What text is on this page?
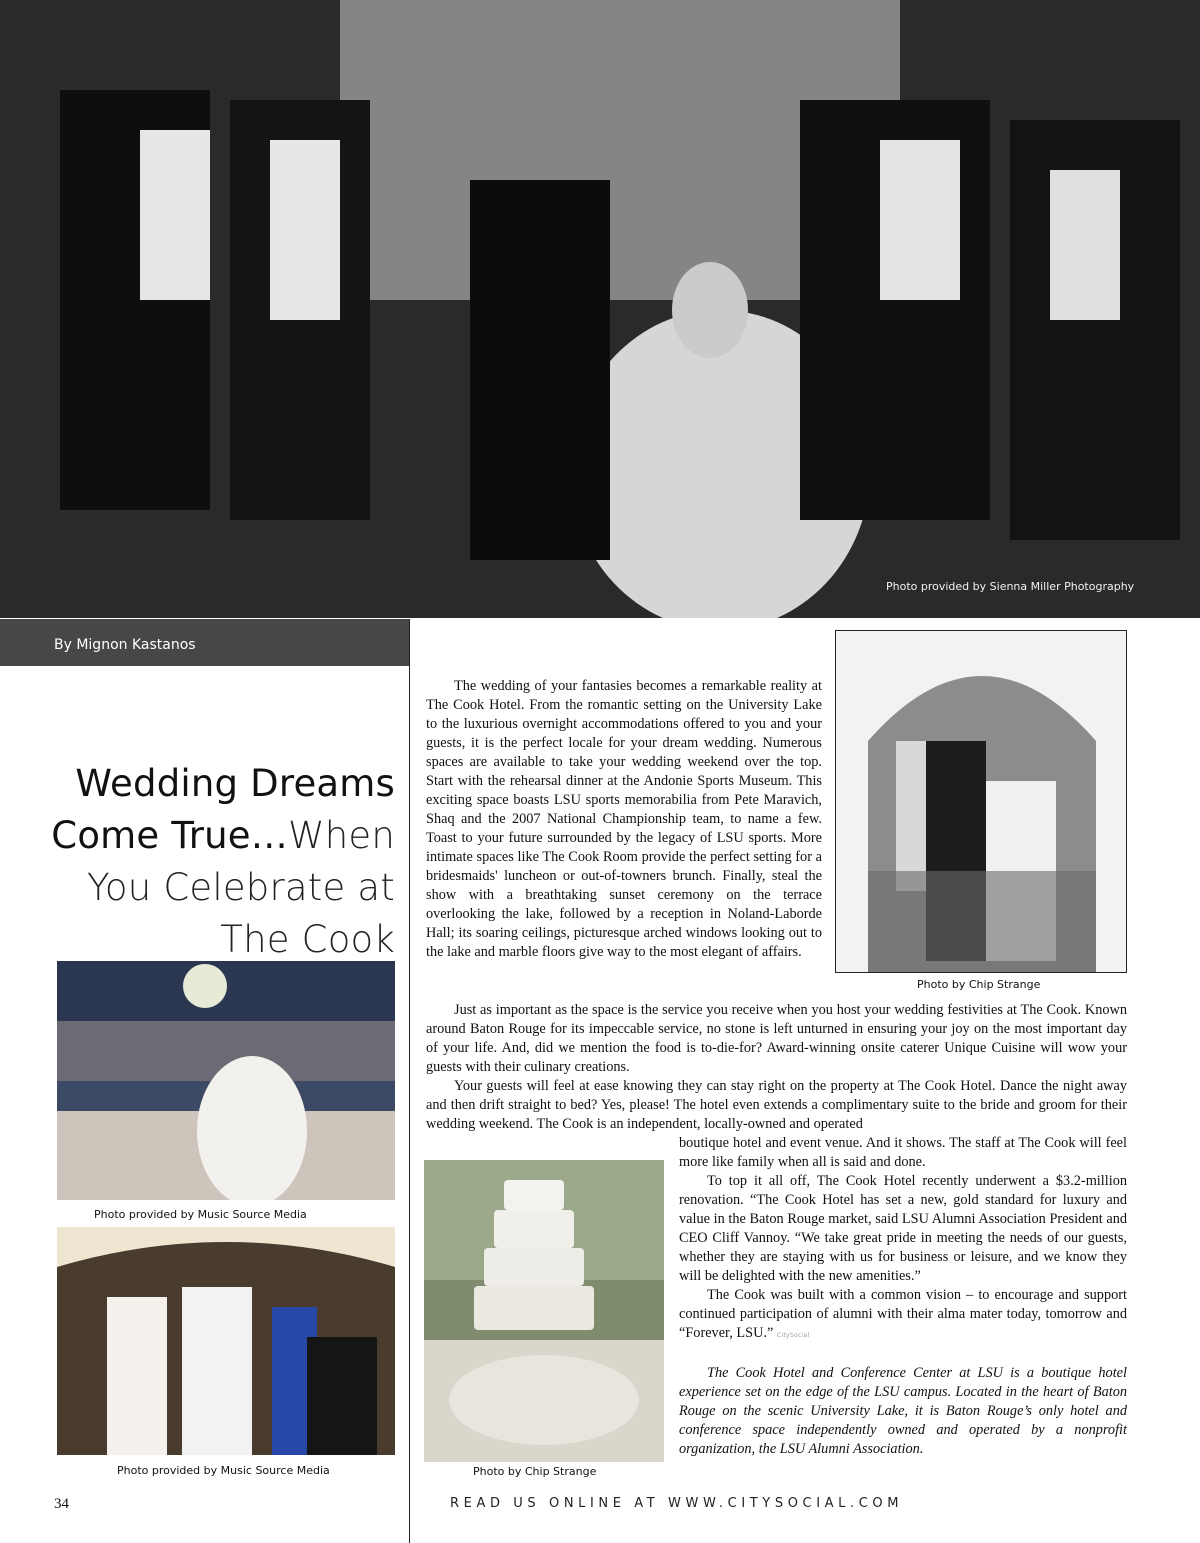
Photo provided by Sienna Miller Photography
By Mignon Kastanos
Wedding Dreams
Come True…When
You Celebrate at
The Cook
Photo by Chip Strange
Photo provided by Music Source Media
Photo provided by Music Source Media	Photo by Chip Strange

The wedding of your fantasies becomes a remarkable reality at The Cook Hotel. From the romantic setting on the University Lake to the luxurious overnight accommodations offered to you and your guests, it is the perfect locale for your dream wedding. Numerous spaces are available to take your wedding weekend over the top. Start with the rehearsal dinner at the Andonie Sports Museum. This exciting space boasts LSU sports memorabilia from Pete Maravich, Shaq and the 2007 National Championship team, to name a few. Toast to your future surrounded by the legacy of LSU sports. More intimate spaces like The Cook Room provide the perfect setting for a bridesmaids' luncheon or out-of-towners brunch. Finally, steal the show with a breathtaking sunset ceremony on the terrace overlooking the lake, followed by a reception in Noland-Laborde Hall; its soaring ceilings, picturesque arched windows looking out to the lake and marble floors give way to the most elegant of affairs.

Just as important as the space is the service you receive when you host your wedding festivities at The Cook. Known around Baton Rouge for its impeccable service, no stone is left unturned in ensuring your joy on the most important day of your life. And, did we mention the food is to-die-for? Award-winning onsite caterer Unique Cuisine will wow your guests with their culinary creations.

Your guests will feel at ease knowing they can stay right on the property at The Cook Hotel. Dance the night away and then drift straight to bed? Yes, please! The hotel even extends a complimentary suite to the bride and groom for their wedding weekend. The Cook is an independent, locally-owned and operated

boutique hotel and event venue. And it shows. The staff at The Cook will feel more like family when all is said and done.

To top it all off, The Cook Hotel recently underwent a $3.2-million renovation. “The Cook Hotel has set a new, gold standard for luxury and value in the Baton Rouge market, said LSU Alumni Association President and CEO Cliff Vannoy. “We take great pride in meeting the needs of our guests, whether they are staying with us for business or leisure, and we know they will be delighted with the new amenities.”

The Cook was built with a common vision – to encourage and support continued participation of alumni with their alma mater today, tomorrow and “Forever, LSU.” CitySocial

The Cook Hotel and Conference Center at LSU is a boutique hotel experience set on the edge of the LSU campus. Located in the heart of Baton Rouge on the scenic University Lake, it is Baton Rouge’s only hotel and conference space independently owned and operated by a nonprofit organization, the LSU Alumni Association.

34	READ US ONLINE AT WWW.CITYSOCIAL.COM
